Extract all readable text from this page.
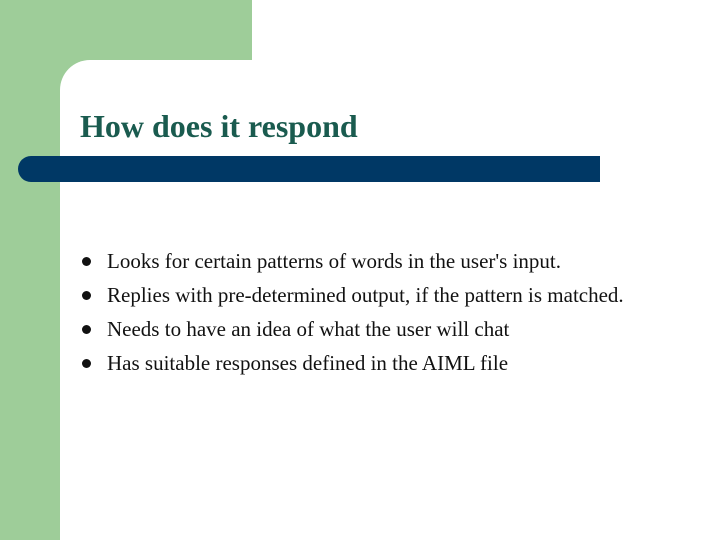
How does it respond
Looks for certain patterns of words in the user's input.
Replies with pre-determined output, if the pattern is matched.
Needs to have an idea of what the user will chat
Has suitable responses defined in the AIML file
